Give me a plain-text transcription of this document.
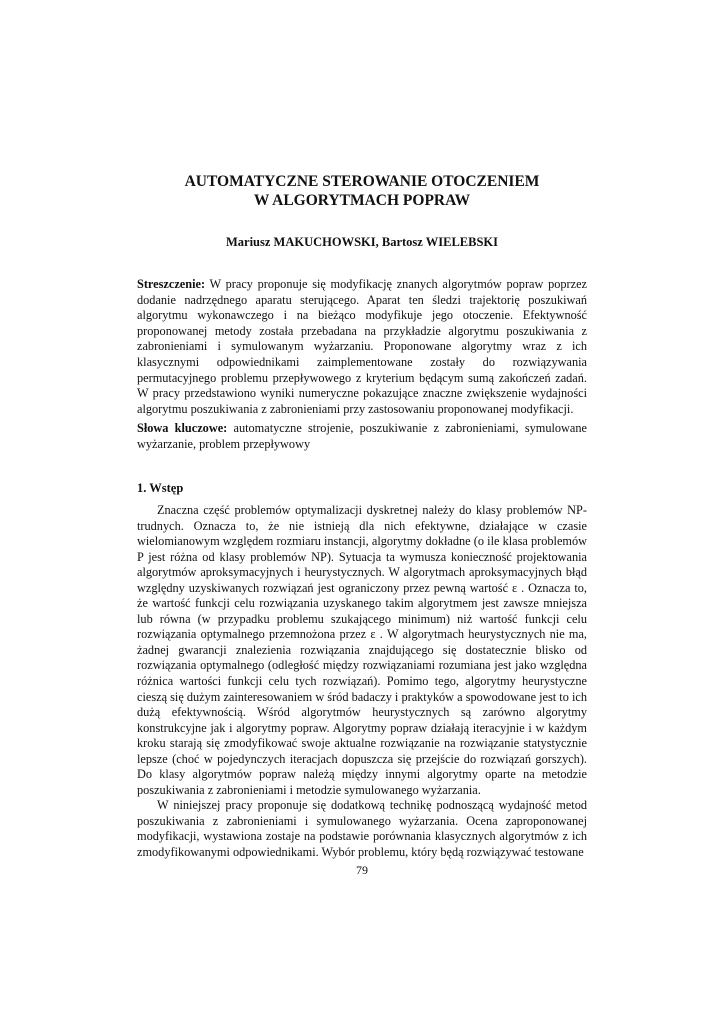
AUTOMATYCZNE STEROWANIE OTOCZENIEM
W ALGORYTMACH POPRAW
Mariusz MAKUCHOWSKI, Bartosz WIELEBSKI

Streszczenie: W pracy proponuje się modyfikację znanych algorytmów popraw poprzez dodanie nadrzędnego aparatu sterującego. Aparat ten śledzi trajektorię poszukiwań algorytmu wykonawczego i na bieżąco modyfikuje jego otoczenie. Efektywność proponowanej metody została przebadana na przykładzie algorytmu poszukiwania z zabronieniami i symulowanym wyżarzaniu. Proponowane algorytmy wraz z ich klasycznymi odpowiednikami zaimplementowane zostały do rozwiązywania permutacyjnego problemu przepływowego z kryterium będącym sumą zakończeń zadań. W pracy przedstawiono wyniki numeryczne pokazujące znaczne zwiększenie wydajności algorytmu poszukiwania z zabronieniami przy zastosowaniu proponowanej modyfikacji.

Słowa kluczowe: automatyczne strojenie, poszukiwanie z zabronieniami, symulowane wyżarzanie, problem przepływowy

1. Wstęp

Znaczna część problemów optymalizacji dyskretnej należy do klasy problemów NP-trudnych. Oznacza to, że nie istnieją dla nich efektywne, działające w czasie wielomianowym względem rozmiaru instancji, algorytmy dokładne (o ile klasa problemów P jest różna od klasy problemów NP). Sytuacja ta wymusza konieczność projektowania algorytmów aproksymacyjnych i heurystycznych. W algorytmach aproksymacyjnych błąd względny uzyskiwanych rozwiązań jest ograniczony przez pewną wartość ε . Oznacza to, że wartość funkcji celu rozwiązania uzyskanego takim algorytmem jest zawsze mniejsza lub równa (w przypadku problemu szukającego minimum) niż wartość funkcji celu rozwiązania optymalnego przemnożona przez ε . W algorytmach heurystycznych nie ma, żadnej gwarancji znalezienia rozwiązania znajdującego się dostatecznie blisko od rozwiązania optymalnego (odległość między rozwiązaniami rozumiana jest jako względna różnica wartości funkcji celu tych rozwiązań). Pomimo tego, algorytmy heurystyczne cieszą się dużym zainteresowaniem w śród badaczy i praktyków a spowodowane jest to ich dużą efektywnością. Wśród algorytmów heurystycznych są zarówno algorytmy konstrukcyjne jak i algorytmy popraw. Algorytmy popraw działają iteracyjnie i w każdym kroku starają się zmodyfikować swoje aktualne rozwiązanie na rozwiązanie statystycznie lepsze (choć w pojedynczych iteracjach dopuszcza się przejście do rozwiązań gorszych). Do klasy algorytmów popraw należą między innymi algorytmy oparte na metodzie poszukiwania z zabronieniami i metodzie symulowanego wyżarzania.

W niniejszej pracy proponuje się dodatkową technikę podnoszącą wydajność metod poszukiwania z zabronieniami i symulowanego wyżarzania. Ocena zaproponowanej modyfikacji, wystawiona zostaje na podstawie porównania klasycznych algorytmów z ich zmodyfikowanymi odpowiednikami. Wybór problemu, który będą rozwiązywać testowane

79
